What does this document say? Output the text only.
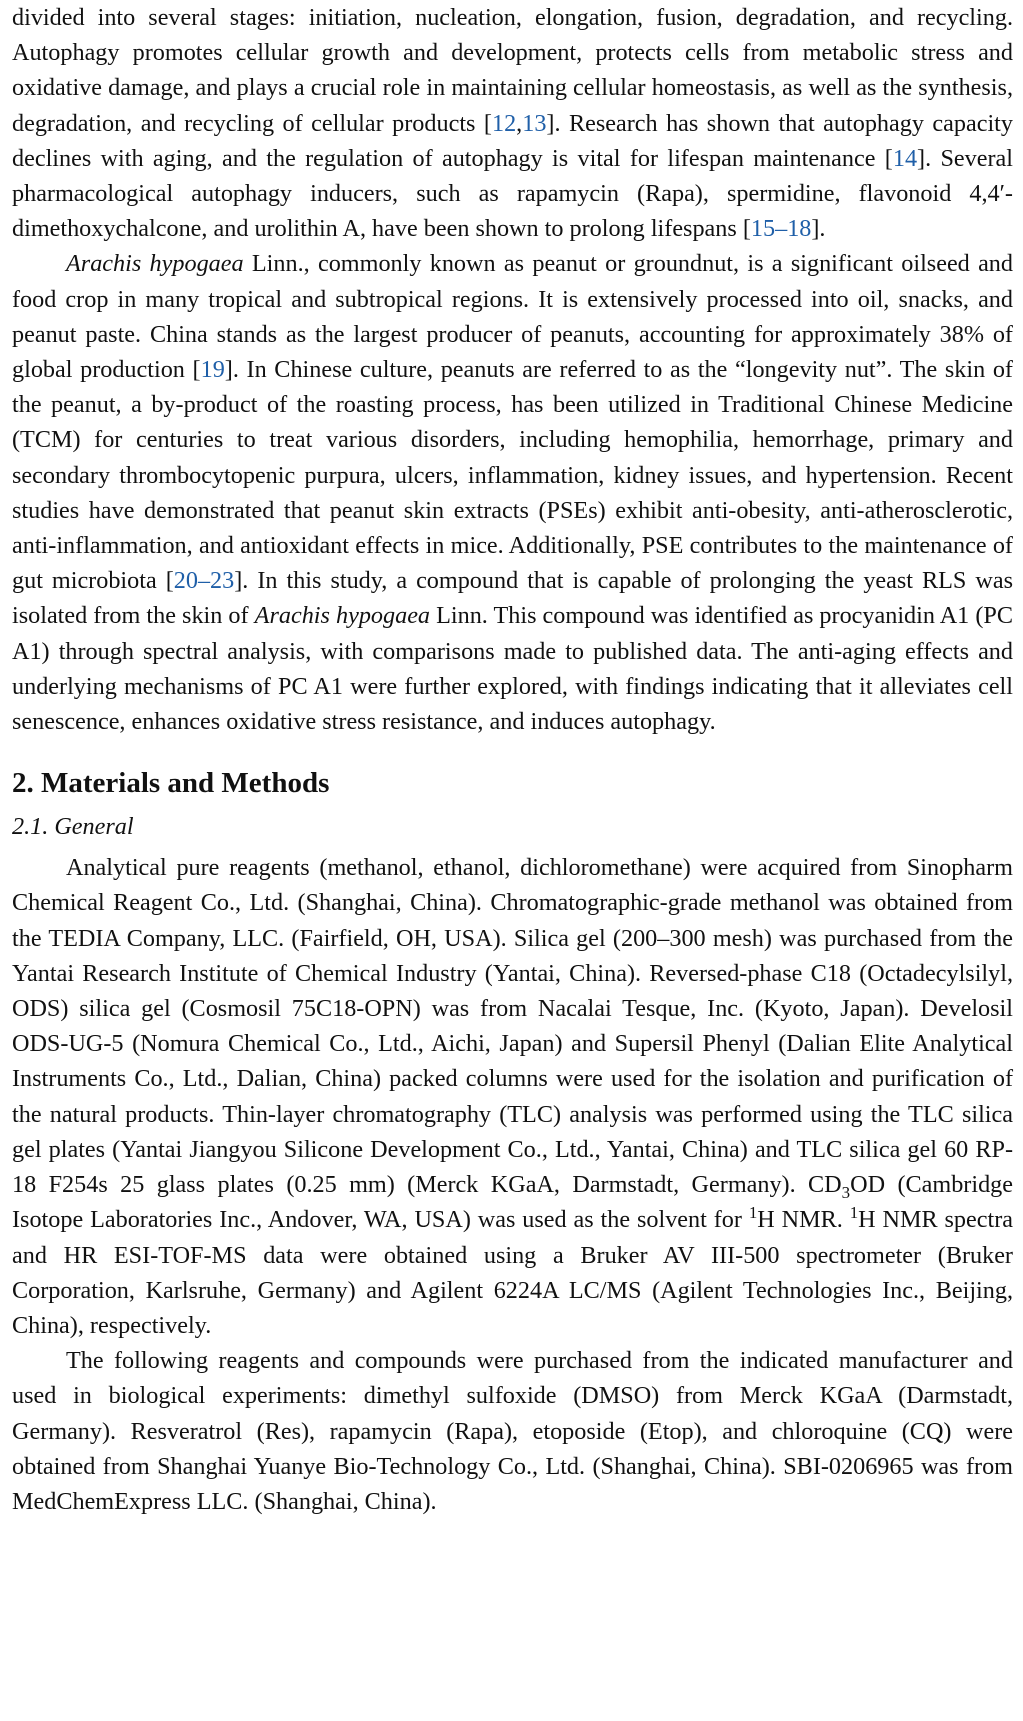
divided into several stages: initiation, nucleation, elongation, fusion, degradation, and recycling. Autophagy promotes cellular growth and development, protects cells from metabolic stress and oxidative damage, and plays a crucial role in maintaining cellular homeostasis, as well as the synthesis, degradation, and recycling of cellular products [12,13]. Research has shown that autophagy capacity declines with aging, and the regulation of autophagy is vital for lifespan maintenance [14]. Several pharmacological autophagy inducers, such as rapamycin (Rapa), spermidine, flavonoid 4,4′-dimethoxychalcone, and urolithin A, have been shown to prolong lifespans [15–18].

Arachis hypogaea Linn., commonly known as peanut or groundnut, is a significant oilseed and food crop in many tropical and subtropical regions. It is extensively processed into oil, snacks, and peanut paste. China stands as the largest producer of peanuts, accounting for approximately 38% of global production [19]. In Chinese culture, peanuts are referred to as the “longevity nut”. The skin of the peanut, a by-product of the roasting process, has been utilized in Traditional Chinese Medicine (TCM) for centuries to treat various disorders, including hemophilia, hemorrhage, primary and secondary thrombocytopenic purpura, ulcers, inflammation, kidney issues, and hypertension. Recent studies have demonstrated that peanut skin extracts (PSEs) exhibit anti-obesity, anti-atherosclerotic, anti-inflammation, and antioxidant effects in mice. Additionally, PSE contributes to the maintenance of gut microbiota [20–23]. In this study, a compound that is capable of prolonging the yeast RLS was isolated from the skin of Arachis hypogaea Linn. This compound was identified as procyanidin A1 (PC A1) through spectral analysis, with comparisons made to published data. The anti-aging effects and underlying mechanisms of PC A1 were further explored, with findings indicating that it alleviates cell senescence, enhances oxidative stress resistance, and induces autophagy.

2. Materials and Methods
2.1. General

Analytical pure reagents (methanol, ethanol, dichloromethane) were acquired from Sinopharm Chemical Reagent Co., Ltd. (Shanghai, China). Chromatographic-grade methanol was obtained from the TEDIA Company, LLC. (Fairfield, OH, USA). Silica gel (200–300 mesh) was purchased from the Yantai Research Institute of Chemical Industry (Yantai, China). Reversed-phase C18 (Octadecylsilyl, ODS) silica gel (Cosmosil 75C18-OPN) was from Nacalai Tesque, Inc. (Kyoto, Japan). Develosil ODS-UG-5 (Nomura Chemical Co., Ltd., Aichi, Japan) and Supersil Phenyl (Dalian Elite Analytical Instruments Co., Ltd., Dalian, China) packed columns were used for the isolation and purification of the natural products. Thin-layer chromatography (TLC) analysis was performed using the TLC silica gel plates (Yantai Jiangyou Silicone Development Co., Ltd., Yantai, China) and TLC silica gel 60 RP-18 F254s 25 glass plates (0.25 mm) (Merck KGaA, Darmstadt, Germany). $CD_3OD$ (Cambridge Isotope Laboratories Inc., Andover, WA, USA) was used as the solvent for $^1$H NMR. $^1$H NMR spectra and HR ESI-TOF-MS data were obtained using a Bruker AV III-500 spectrometer (Bruker Corporation, Karlsruhe, Germany) and Agilent 6224A LC/MS (Agilent Technologies Inc., Beijing, China), respectively.

The following reagents and compounds were purchased from the indicated manufacturer and used in biological experiments: dimethyl sulfoxide (DMSO) from Merck KGaA (Darmstadt, Germany). Resveratrol (Res), rapamycin (Rapa), etoposide (Etop), and chloroquine (CQ) were obtained from Shanghai Yuanye Bio-Technology Co., Ltd. (Shanghai, China). SBI-0206965 was from MedChemExpress LLC. (Shanghai, China).
